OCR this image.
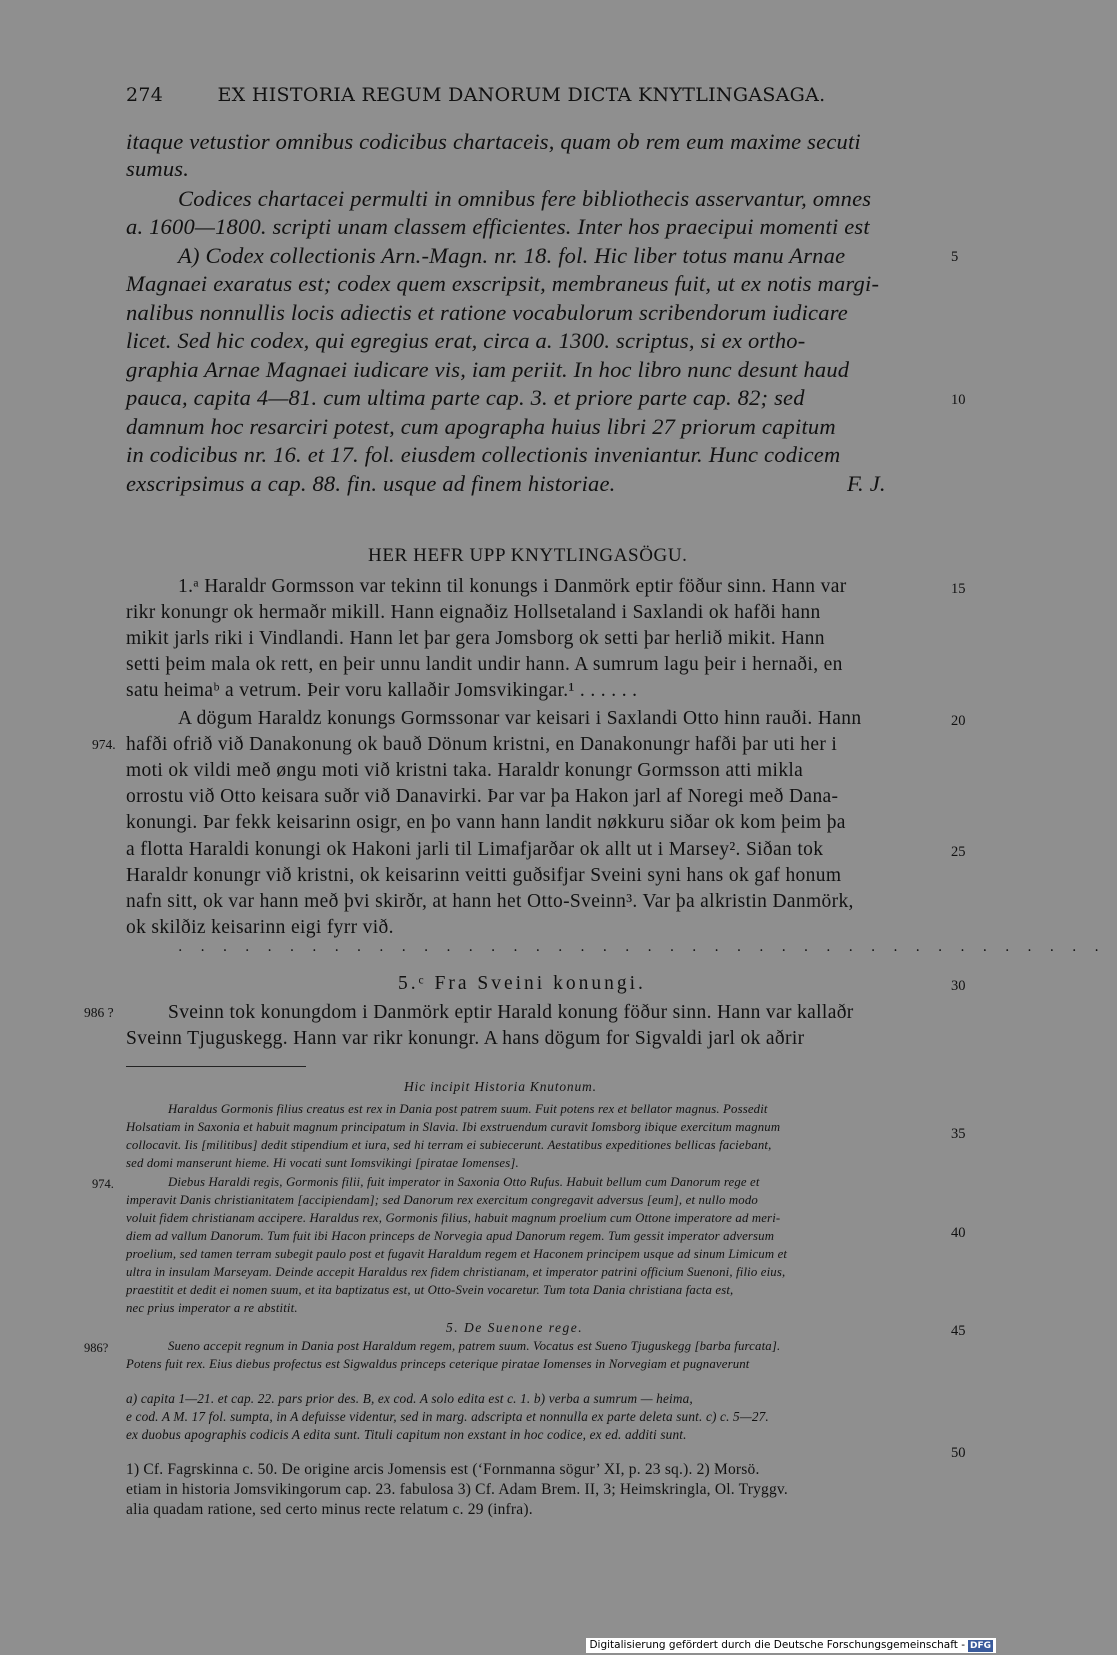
274	EX HISTORIA REGUM DANORUM DICTA KNYTLINGASAGA.
itaque vetustior omnibus codicibus chartaceis, quam ob rem eum maxime secuti
sumus.
Codices chartacei permulti in omnibus fere bibliothecis asservantur, omnes
a. 1600—1800. scripti unam classem efficientes. Inter hos praecipui momenti est
A) Codex collectionis Arn.-Magn. nr. 18. fol. Hic liber totus manu Arnae
Magnaei exaratus est; codex quem exscripsit, membraneus fuit, ut ex notis margi-
nalibus nonnullis locis adiectis et ratione vocabulorum scribendorum iudicare
licet. Sed hic codex, qui egregius erat, circa a. 1300. scriptus, si ex ortho-
graphia Arnae Magnaei iudicare vis, iam periit. In hoc libro nunc desunt haud
pauca, capita 4—81. cum ultima parte cap. 3. et priore parte cap. 82; sed
damnum hoc resarciri potest, cum apographa huius libri 27 priorum capitum
in codicibus nr. 16. et 17. fol. eiusdem collectionis inveniantur. Hunc codicem
exscripsimus a cap. 88. fin. usque ad finem historiae.	F. J.
HER HEFR UPP KNYTLINGASÖGU.
1.ᵃ Haraldr Gormsson var tekinn til konungs i Danmörk eptir föður sinn. Hann var
rikr konungr ok hermaðr mikill. Hann eignaðiz Hollsetaland i Saxlandi ok hafði hann
mikit jarls riki i Vindlandi. Hann let þar gera Jomsborg ok setti þar herlið mikit. Hann
setti þeim mala ok rett, en þeir unnu landit undir hann. A sumrum lagu þeir i hernaði, en
satu heimaᵇ a vetrum. Þeir voru kallaðir Jomsvikingar.¹ . . . . . .
A dögum Haraldz konungs Gormssonar var keisari i Saxlandi Otto hinn rauði. Hann
hafði ofrið við Danakonung ok bauð Dönum kristni, en Danakonungr hafði þar uti her i
moti ok vildi með øngu moti við kristni taka. Haraldr konungr Gormsson atti mikla
orrostu við Otto keisara suðr við Danavirki. Þar var þa Hakon jarl af Noregi með Dana-
konungi. Þar fekk keisarinn osigr, en þo vann hann landit nøkkuru siðar ok kom þeim þa
a flotta Haraldi konungi ok Hakoni jarli til Limafjarðar ok allt ut i Marsey². Siðan tok
Haraldr konungr við kristni, ok keisarinn veitti guðsifjar Sveini syni hans ok gaf honum
nafn sitt, ok var hann með þvi skirðr, at hann het Otto-Sveinn³. Var þa alkristin Danmörk,
ok skilðiz keisarinn eigi fyrr við.
..........................................
5.ᶜ Fra Sveini konungi.
Sveinn tok konungdom i Danmörk eptir Harald konung föður sinn. Hann var kallaðr
Sveinn Tjuguskegg. Hann var rikr konungr. A hans dögum for Sigvaldi jarl ok aðrir
Hic incipit Historia Knutonum.
Haraldus Gormonis filius creatus est rex in Dania post patrem suum. Fuit potens rex et bellator magnus. Possedit
Holsatiam in Saxonia et habuit magnum principatum in Slavia. Ibi exstruendum curavit Iomsborg ibique exercitum magnum
collocavit. Iis [militibus] dedit stipendium et iura, sed hi terram ei subiecerunt. Aestatibus expeditiones bellicas faciebant,
sed domi manserunt hieme. Hi vocati sunt Iomsvikingi [piratae Iomenses].
Diebus Haraldi regis, Gormonis filii, fuit imperator in Saxonia Otto Rufus. Habuit bellum cum Danorum rege et
imperavit Danis christianitatem [accipiendam]; sed Danorum rex exercitum congregavit adversus [eum], et nullo modo
voluit fidem christianam accipere. Haraldus rex, Gormonis filius, habuit magnum proelium cum Ottone imperatore ad meri-
diem ad vallum Danorum. Tum fuit ibi Hacon princeps de Norvegia apud Danorum regem. Tum gessit imperator adversum
proelium, sed tamen terram subegit paulo post et fugavit Haraldum regem et Haconem principem usque ad sinum Limicum et
ultra in insulam Marseyam. Deinde accepit Haraldus rex fidem christianam, et imperator patrini officium Suenoni, filio eius,
praestitit et dedit ei nomen suum, et ita baptizatus est, ut Otto-Svein vocaretur. Tum tota Dania christiana facta est,
nec prius imperator a re abstitit.
5. De Suenone rege.
Sueno accepit regnum in Dania post Haraldum regem, patrem suum. Vocatus est Sueno Tjuguskegg [barba furcata].
Potens fuit rex. Eius diebus profectus est Sigwaldus princeps ceterique piratae Iomenses in Norvegiam et pugnaverunt
a) capita 1—21. et cap. 22. pars prior des. B, ex cod. A solo edita est c. 1. b) verba a sumrum — heima,
e cod. A M. 17 fol. sumpta, in A defuisse videntur, sed in marg. adscripta et nonnulla ex parte deleta sunt. c) c. 5—27.
ex duobus apographis codicis A edita sunt. Tituli capitum non exstant in hoc codice, ex ed. additi sunt.
1) Cf. Fagrskinna c. 50. De origine arcis Jomensis est (‘Fornmanna sögur’ XI, p. 23 sq.). 2) Morsö.
etiam in historia Jomsvikingorum cap. 23. fabulosa 3) Cf. Adam Brem. II, 3; Heimskringla, Ol. Tryggv.
alia quadam ratione, sed certo minus recte relatum c. 29 (infra).
5
10
15
20
25
30
35
40
45
50
974.
986 ?
974.
986?
Digitalisierung gefördert durch die Deutsche Forschungsgemeinschaft - DFG
